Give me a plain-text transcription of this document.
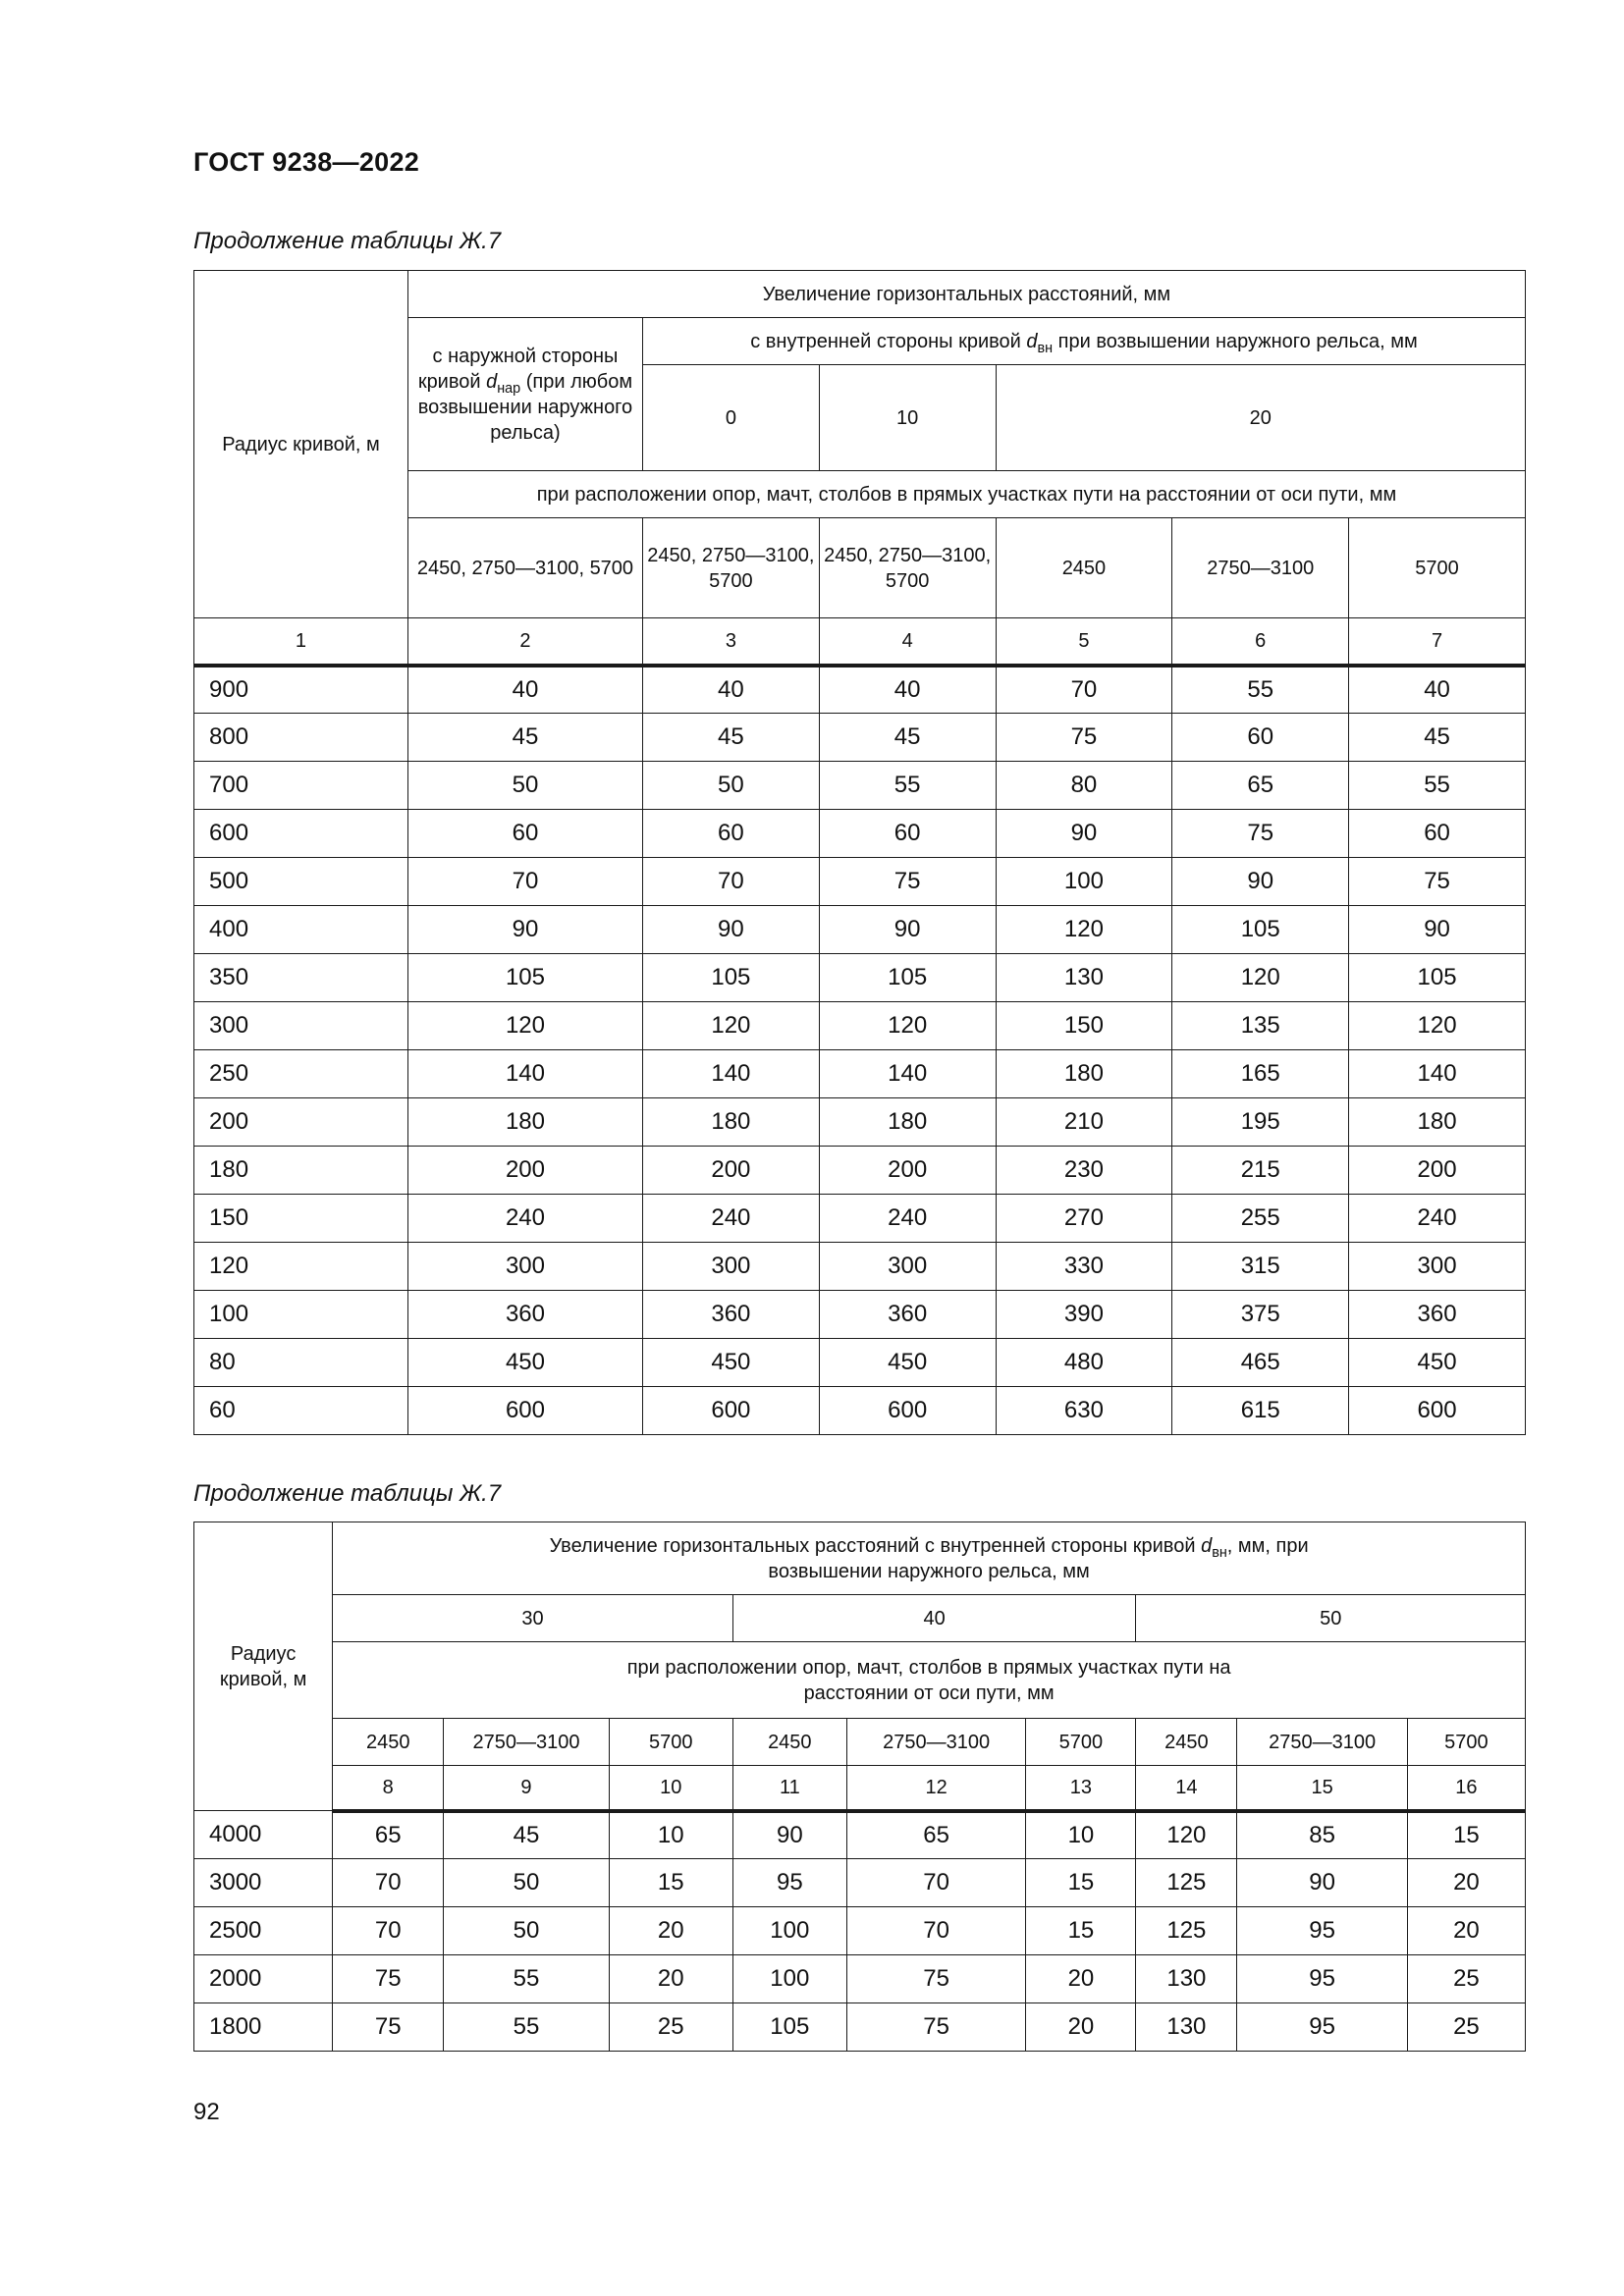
ГОСТ 9238—2022
Продолжение таблицы Ж.7
Радиус кривой, м	Увеличение горизонтальных расстояний, мм					
	с наружной стороны кривой $d_{нар}$ (при любом возвышении наружного рельса)	с внутренней стороны кривой $d_{вн}$ при возвышении наружного рельса, мм				
		0	10	20		
	при расположении опор, мачт, столбов в прямых участках пути на расстоянии от оси пути, мм					
	2450, 2750—3100, 5700	2450, 2750—3100, 5700	2450, 2750—3100, 5700	2450	2750—3100	5700
1	2	3	4	5	6	7
900	40	40	40	70	55	40
800	45	45	45	75	60	45
700	50	50	55	80	65	55
600	60	60	60	90	75	60
500	70	70	75	100	90	75
400	90	90	90	120	105	90
350	105	105	105	130	120	105
300	120	120	120	150	135	120
250	140	140	140	180	165	140
200	180	180	180	210	195	180
180	200	200	200	230	215	200
150	240	240	240	270	255	240
120	300	300	300	330	315	300
100	360	360	360	390	375	360
80	450	450	450	480	465	450
60	600	600	600	630	615	600
Продолжение таблицы Ж.7
Радиус кривой, м	Увеличение горизонтальных расстояний с внутренней стороны кривой $d_{вн}$, мм, при возвышении наружного рельса, мм								
	30			40			50		
	при расположении опор, мачт, столбов в прямых участках пути на расстоянии от оси пути, мм								
	2450	2750—3100	5700	2450	2750—3100	5700	2450	2750—3100	5700
	8	9	10	11	12	13	14	15	16
4000	65	45	10	90	65	10	120	85	15
3000	70	50	15	95	70	15	125	90	20
2500	70	50	20	100	70	15	125	95	20
2000	75	55	20	100	75	20	130	95	25
1800	75	55	25	105	75	20	130	95	25
92
